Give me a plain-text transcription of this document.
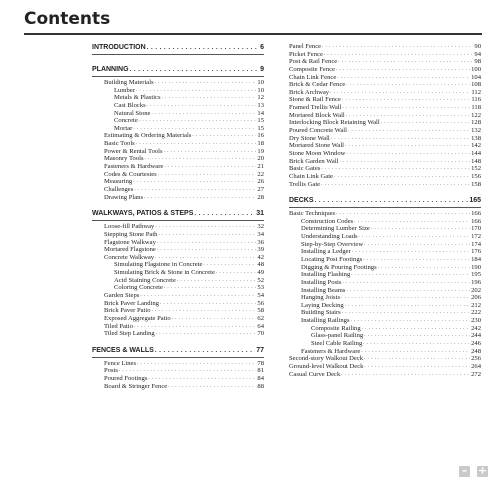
Contents
INTRODUCTION . . .	6
PLANNING . . .	9
Building Materials . . .	10
Lumber . . .	10
Metals & Plastics . . .	12
Cast Blocks . . .	13
Natural Stone . . .	14
Concrete . . .	15
Mortar . . .	15
Estimating & Ordering Materials . . .	16
Basic Tools . . .	18
Power & Rental Tools . . .	19
Masonry Tools . . .	20
Fasteners & Hardware . . .	21
Codes & Courtesies . . .	22
Measuring . . .	26
Challenges . . .	27
Drawing Plans . . .	28
WALKWAYS, PATIOS & STEPS . . .	31
Loose-fill Pathway . . .	32
Stepping Stone Path . . .	34
Flagstone Walkway . . .	36
Mortared Flagstone . . .	39
Concrete Walkway . . .	42
Simulating Flagstone in Concrete . . .	48
Simulating Brick & Stone in Concrete . . .	49
Acid Staining Concrete . . .	52
Coloring Concrete . . .	53
Garden Steps . . .	54
Brick Paver Landing . . .	56
Brick Paver Patio . . .	58
Exposed Aggregate Patio . . .	62
Tiled Patio . . .	64
Tiled Step Landing . . .	70
FENCES & WALLS . . .	77
Fence Lines . . .	78
Posts . . .	81
Poured Footings . . .	84
Board & Stringer Fence . . .	88
Panel Fence . . .	90
Picket Fence . . .	94
Post & Rail Fence . . .	98
Composite Fence . . .	100
Chain Link Fence . . .	104
Brick & Cedar Fence . . .	108
Brick Archway . . .	112
Stone & Rail Fence . . .	116
Framed Trellis Wall . . .	118
Mortared Block Wall . . .	122
Interlocking Block Retaining Wall . . .	128
Poured Concrete Wall . . .	132
Dry Stone Wall . . .	138
Mortared Stone Wall . . .	142
Stone Moon Window . . .	144
Brick Garden Wall . . .	148
Basic Gates . . .	152
Chain Link Gate . . .	156
Trellis Gate . . .	158
DECKS . . .	165
Basic Techniques . . .	166
Construction Codes . . .	166
Determining Lumber Size . . .	170
Understanding Loads . . .	172
Step-by-Step Overview . . .	174
Installing a Ledger . . .	176
Locating Post Footings . . .	184
Digging & Pouring Footings . . .	190
Installing Flashing . . .	195
Installing Posts . . .	196
Installing Beams . . .	202
Hanging Joists . . .	206
Laying Decking . . .	212
Building Stairs . . .	222
Installing Railings . . .	230
Composite Railing . . .	242
Glass-panel Railing . . .	244
Steel Cable Railing . . .	246
Fasteners & Hardware . . .	248
Second-story Walkout Deck . . .	256
Ground-level Walkout Deck . . .	264
Casual Curve Deck . . .	272
– +
